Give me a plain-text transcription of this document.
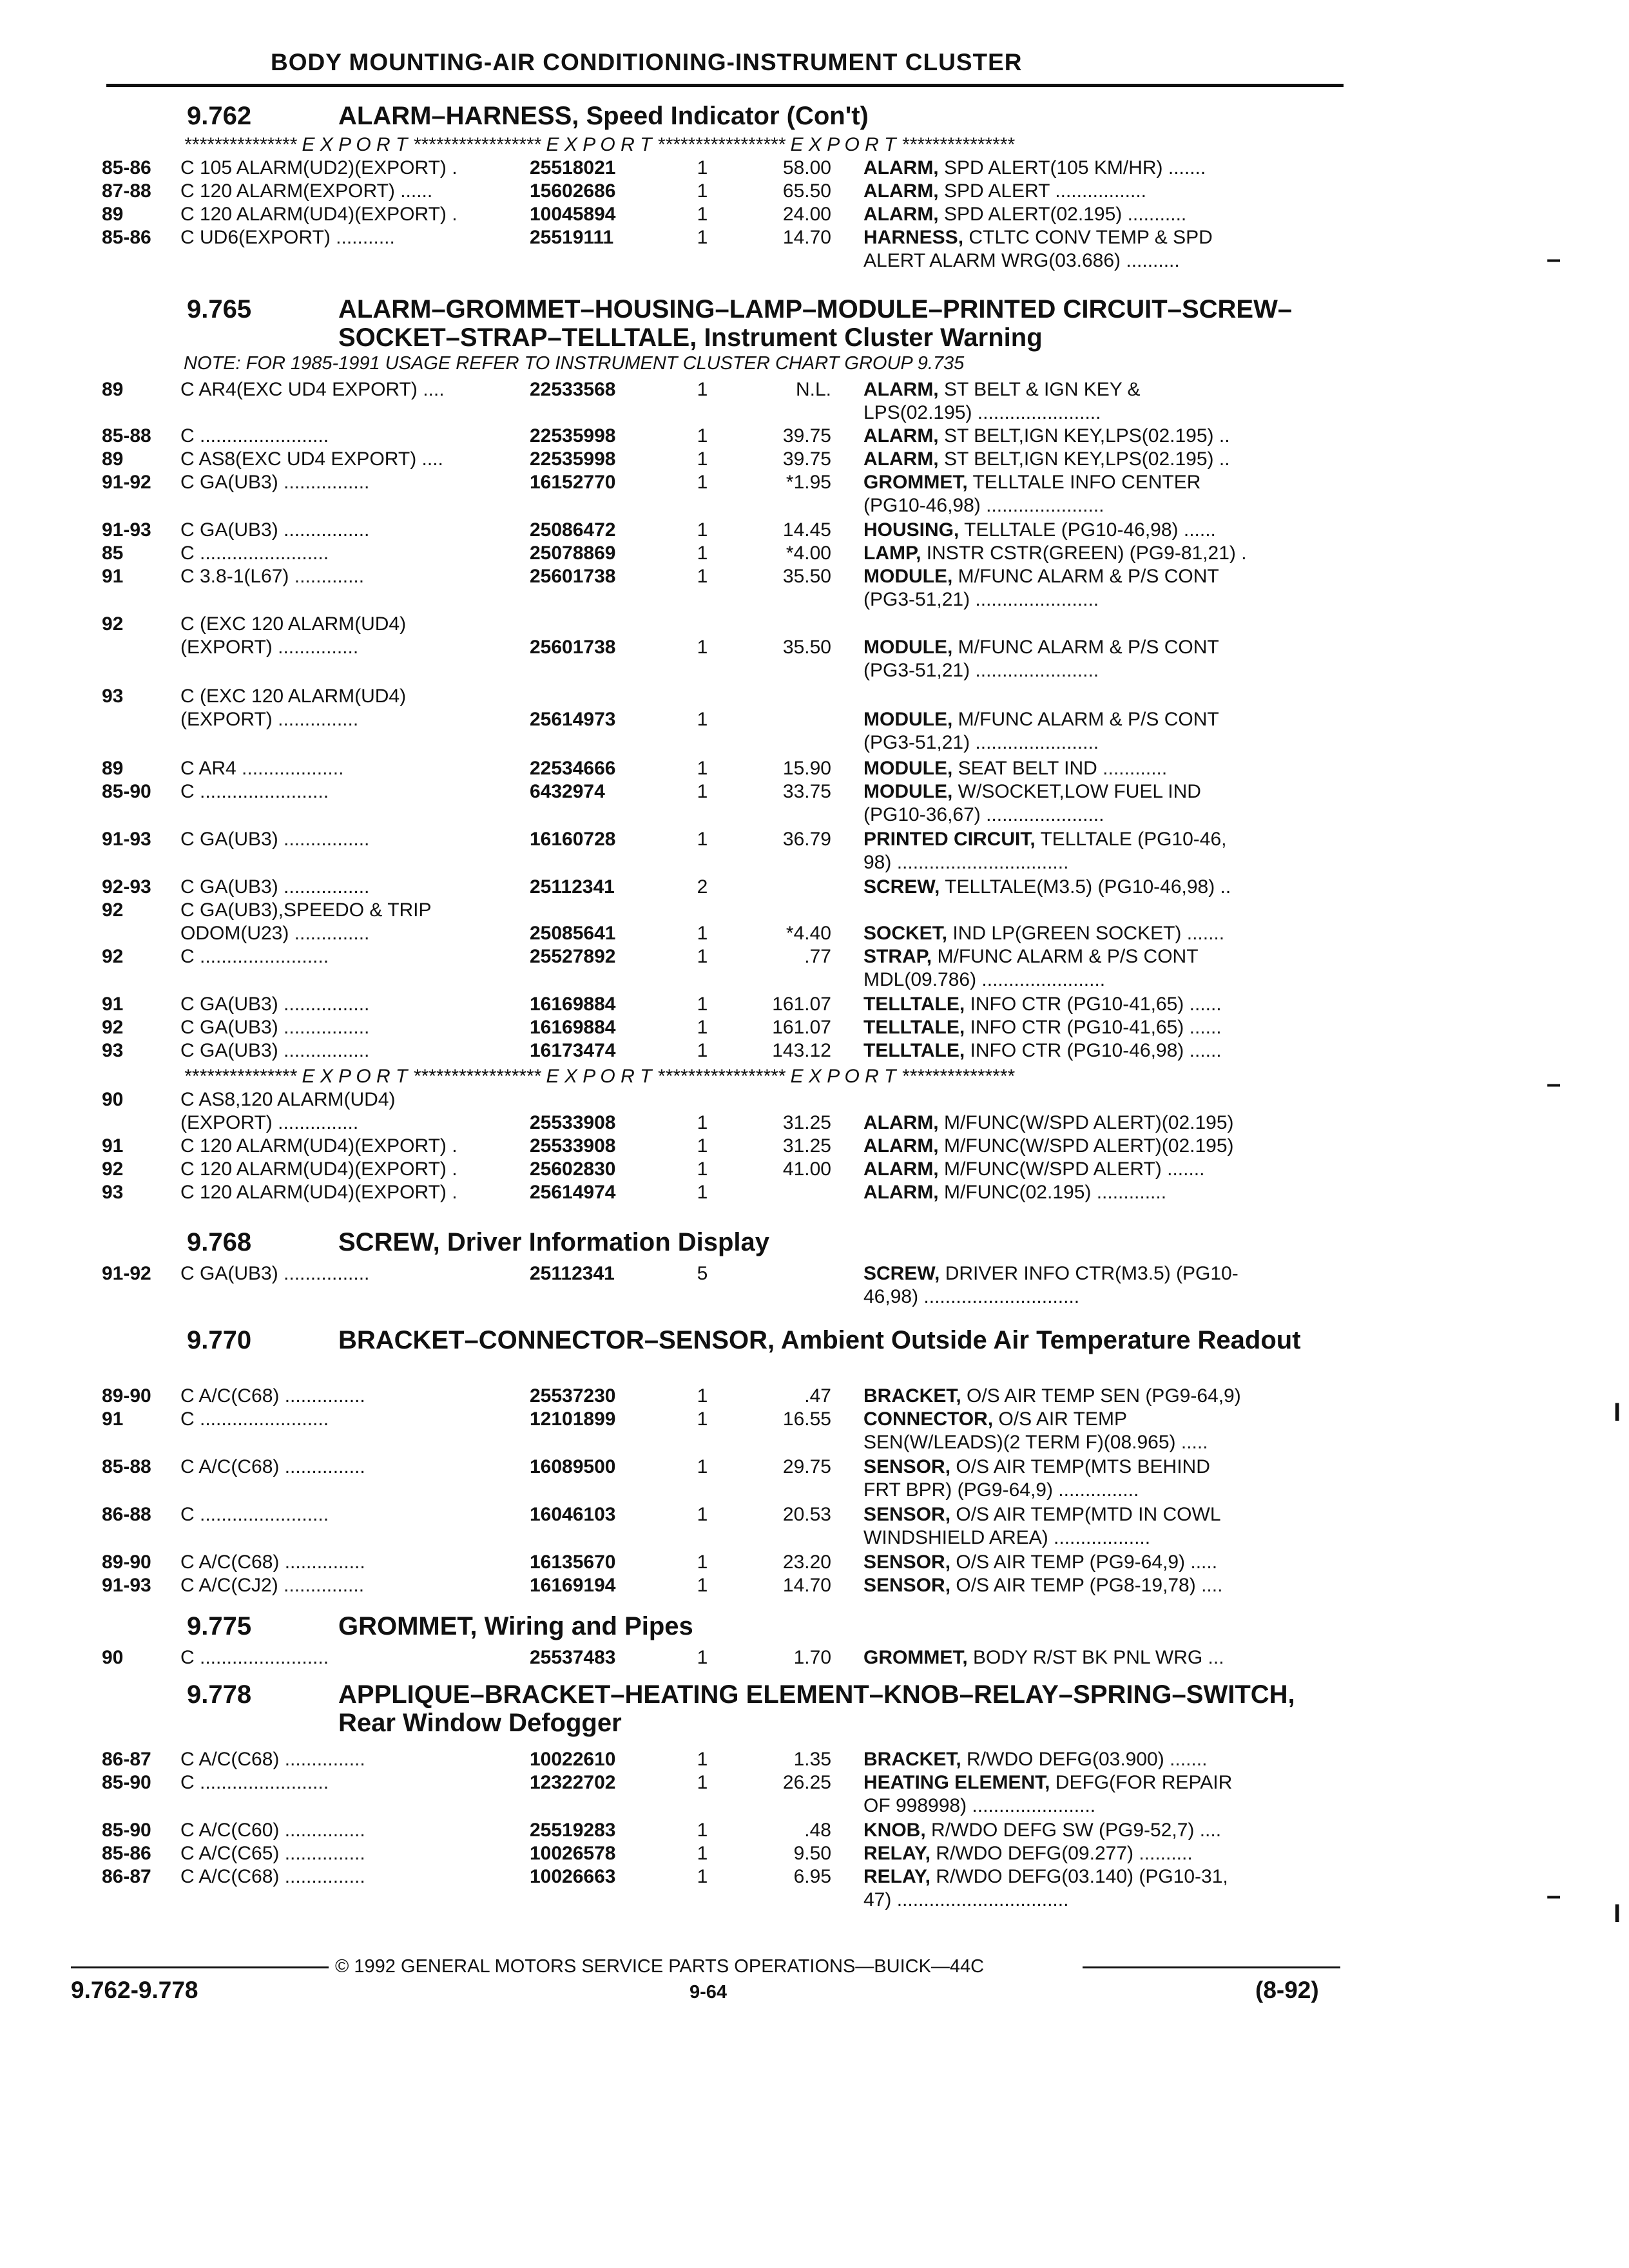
BODY MOUNTING-AIR CONDITIONING-INSTRUMENT CLUSTER
9.762	ALARM–HARNESS, Speed Indicator (Con't)
9.765	ALARM–GROMMET–HOUSING–LAMP–MODULE–PRINTED CIRCUIT–SCREW–SOCKET–STRAP–TELLTALE, Instrument Cluster Warning
9.768	SCREW, Driver Information Display
9.770	BRACKET–CONNECTOR–SENSOR, Ambient Outside Air Temperature Readout
9.775	GROMMET, Wiring and Pipes
9.778	APPLIQUE–BRACKET–HEATING ELEMENT–KNOB–RELAY–SPRING–SWITCH, Rear Window Defogger
NOTE: FOR 1985-1991 USAGE REFER TO INSTRUMENT CLUSTER CHART GROUP 9.735
*************** E X P O R T ***************** E X P O R T ***************** E X P O R T ***************
*************** E X P O R T ***************** E X P O R T ***************** E X P O R T ***************
85-86 C 105 ALARM(UD2)(EXPORT) .	25518021	1	58.00 ALARM, SPD ALERT(105 KM/HR) .......
87-88 C 120 ALARM(EXPORT) ......	15602686	1	65.50 ALARM, SPD ALERT .................
89	C 120 ALARM(UD4)(EXPORT) .	10045894	1	24.00 ALARM, SPD ALERT(02.195) ...........
85-86 C UD6(EXPORT) ...........	25519111	1	14.70 HARNESS, CTLTC CONV TEMP & SPD
ALERT ALARM WRG(03.686) ..........
89	C AR4(EXC UD4 EXPORT) ....	22533568	1	N.L. ALARM, ST BELT & IGN KEY &
LPS(02.195) .......................
85-88 C ........................	22535998	1	39.75 ALARM, ST BELT,IGN KEY,LPS(02.195) ..
89	C AS8(EXC UD4 EXPORT) ....	22535998	1	39.75 ALARM, ST BELT,IGN KEY,LPS(02.195) ..
91-92 C GA(UB3) ................	16152770	1	*1.95 GROMMET, TELLTALE INFO CENTER
(PG10-46,98) ......................
91-93 C GA(UB3) ................	25086472	1	14.45 HOUSING, TELLTALE (PG10-46,98) ......
85	C ........................	25078869	1	*4.00 LAMP, INSTR CSTR(GREEN) (PG9-81,21) .
91	C 3.8-1(L67) .............	25601738	1	35.50 MODULE, M/FUNC ALARM & P/S CONT
(PG3-51,21) .......................
92	C (EXC 120 ALARM(UD4)
(EXPORT) ...............	25601738	1	35.50 MODULE, M/FUNC ALARM & P/S CONT
(PG3-51,21) .......................
93	C (EXC 120 ALARM(UD4)
(EXPORT) ...............	25614973	1	MODULE, M/FUNC ALARM & P/S CONT
(PG3-51,21) .......................
89	C AR4 ...................	22534666	1	15.90 MODULE, SEAT BELT IND ............
85-90 C ........................	6432974	1	33.75 MODULE, W/SOCKET,LOW FUEL IND
(PG10-36,67) ......................
91-93 C GA(UB3) ................	16160728	1	36.79 PRINTED CIRCUIT, TELLTALE (PG10-46,
98) ................................
92-93 C GA(UB3) ................	25112341	2	SCREW, TELLTALE(M3.5) (PG10-46,98) ..
92	C GA(UB3),SPEEDO & TRIP
ODOM(U23) ..............	25085641	1	*4.40 SOCKET, IND LP(GREEN SOCKET) .......
92	C ........................	25527892	1	.77 STRAP, M/FUNC ALARM & P/S CONT
MDL(09.786) .......................
91	C GA(UB3) ................	16169884	1	161.07 TELLTALE, INFO CTR (PG10-41,65) ......
92	C GA(UB3) ................	16169884	1	161.07 TELLTALE, INFO CTR (PG10-41,65) ......
93	C GA(UB3) ................	16173474	1	143.12 TELLTALE, INFO CTR (PG10-46,98) ......
90	C AS8,120 ALARM(UD4)
(EXPORT) ...............	25533908	1	31.25 ALARM, M/FUNC(W/SPD ALERT)(02.195)
91	C 120 ALARM(UD4)(EXPORT) .	25533908	1	31.25 ALARM, M/FUNC(W/SPD ALERT)(02.195)
92	C 120 ALARM(UD4)(EXPORT) .	25602830	1	41.00 ALARM, M/FUNC(W/SPD ALERT) .......
93	C 120 ALARM(UD4)(EXPORT) .	25614974	1	ALARM, M/FUNC(02.195) .............
91-92 C GA(UB3) ................	25112341	5	SCREW, DRIVER INFO CTR(M3.5) (PG10-
46,98) .............................
89-90 C A/C(C68) ...............	25537230	1	.47 BRACKET, O/S AIR TEMP SEN (PG9-64,9)
91	C ........................	12101899	1	16.55 CONNECTOR, O/S AIR TEMP
SEN(W/LEADS)(2 TERM F)(08.965) .....
85-88 C A/C(C68) ...............	16089500	1	29.75 SENSOR, O/S AIR TEMP(MTS BEHIND
FRT BPR) (PG9-64,9) ...............
86-88 C ........................	16046103	1	20.53 SENSOR, O/S AIR TEMP(MTD IN COWL
WINDSHIELD AREA) ..................
89-90 C A/C(C68) ...............	16135670	1	23.20 SENSOR, O/S AIR TEMP (PG9-64,9) .....
91-93 C A/C(CJ2) ...............	16169194	1	14.70 SENSOR, O/S AIR TEMP (PG8-19,78) ....
90	C ........................	25537483	1	1.70 GROMMET, BODY R/ST BK PNL WRG ...
86-87 C A/C(C68) ...............	10022610	1	1.35 BRACKET, R/WDO DEFG(03.900) .......
85-90 C ........................	12322702	1	26.25 HEATING ELEMENT, DEFG(FOR REPAIR
OF 998998) .......................
85-90 C A/C(C60) ...............	25519283	1	.48 KNOB, R/WDO DEFG SW (PG9-52,7) ....
85-86 C A/C(C65) ...............	10026578	1	9.50 RELAY, R/WDO DEFG(09.277) ..........
86-87 C A/C(C68) ...............	10026663	1	6.95 RELAY, R/WDO DEFG(03.140) (PG10-31,
47) ................................
© 1992 GENERAL MOTORS SERVICE PARTS OPERATIONS—BUICK—44C
9.762-9.778	9-64	(8-92)
–
–
I
–
I
